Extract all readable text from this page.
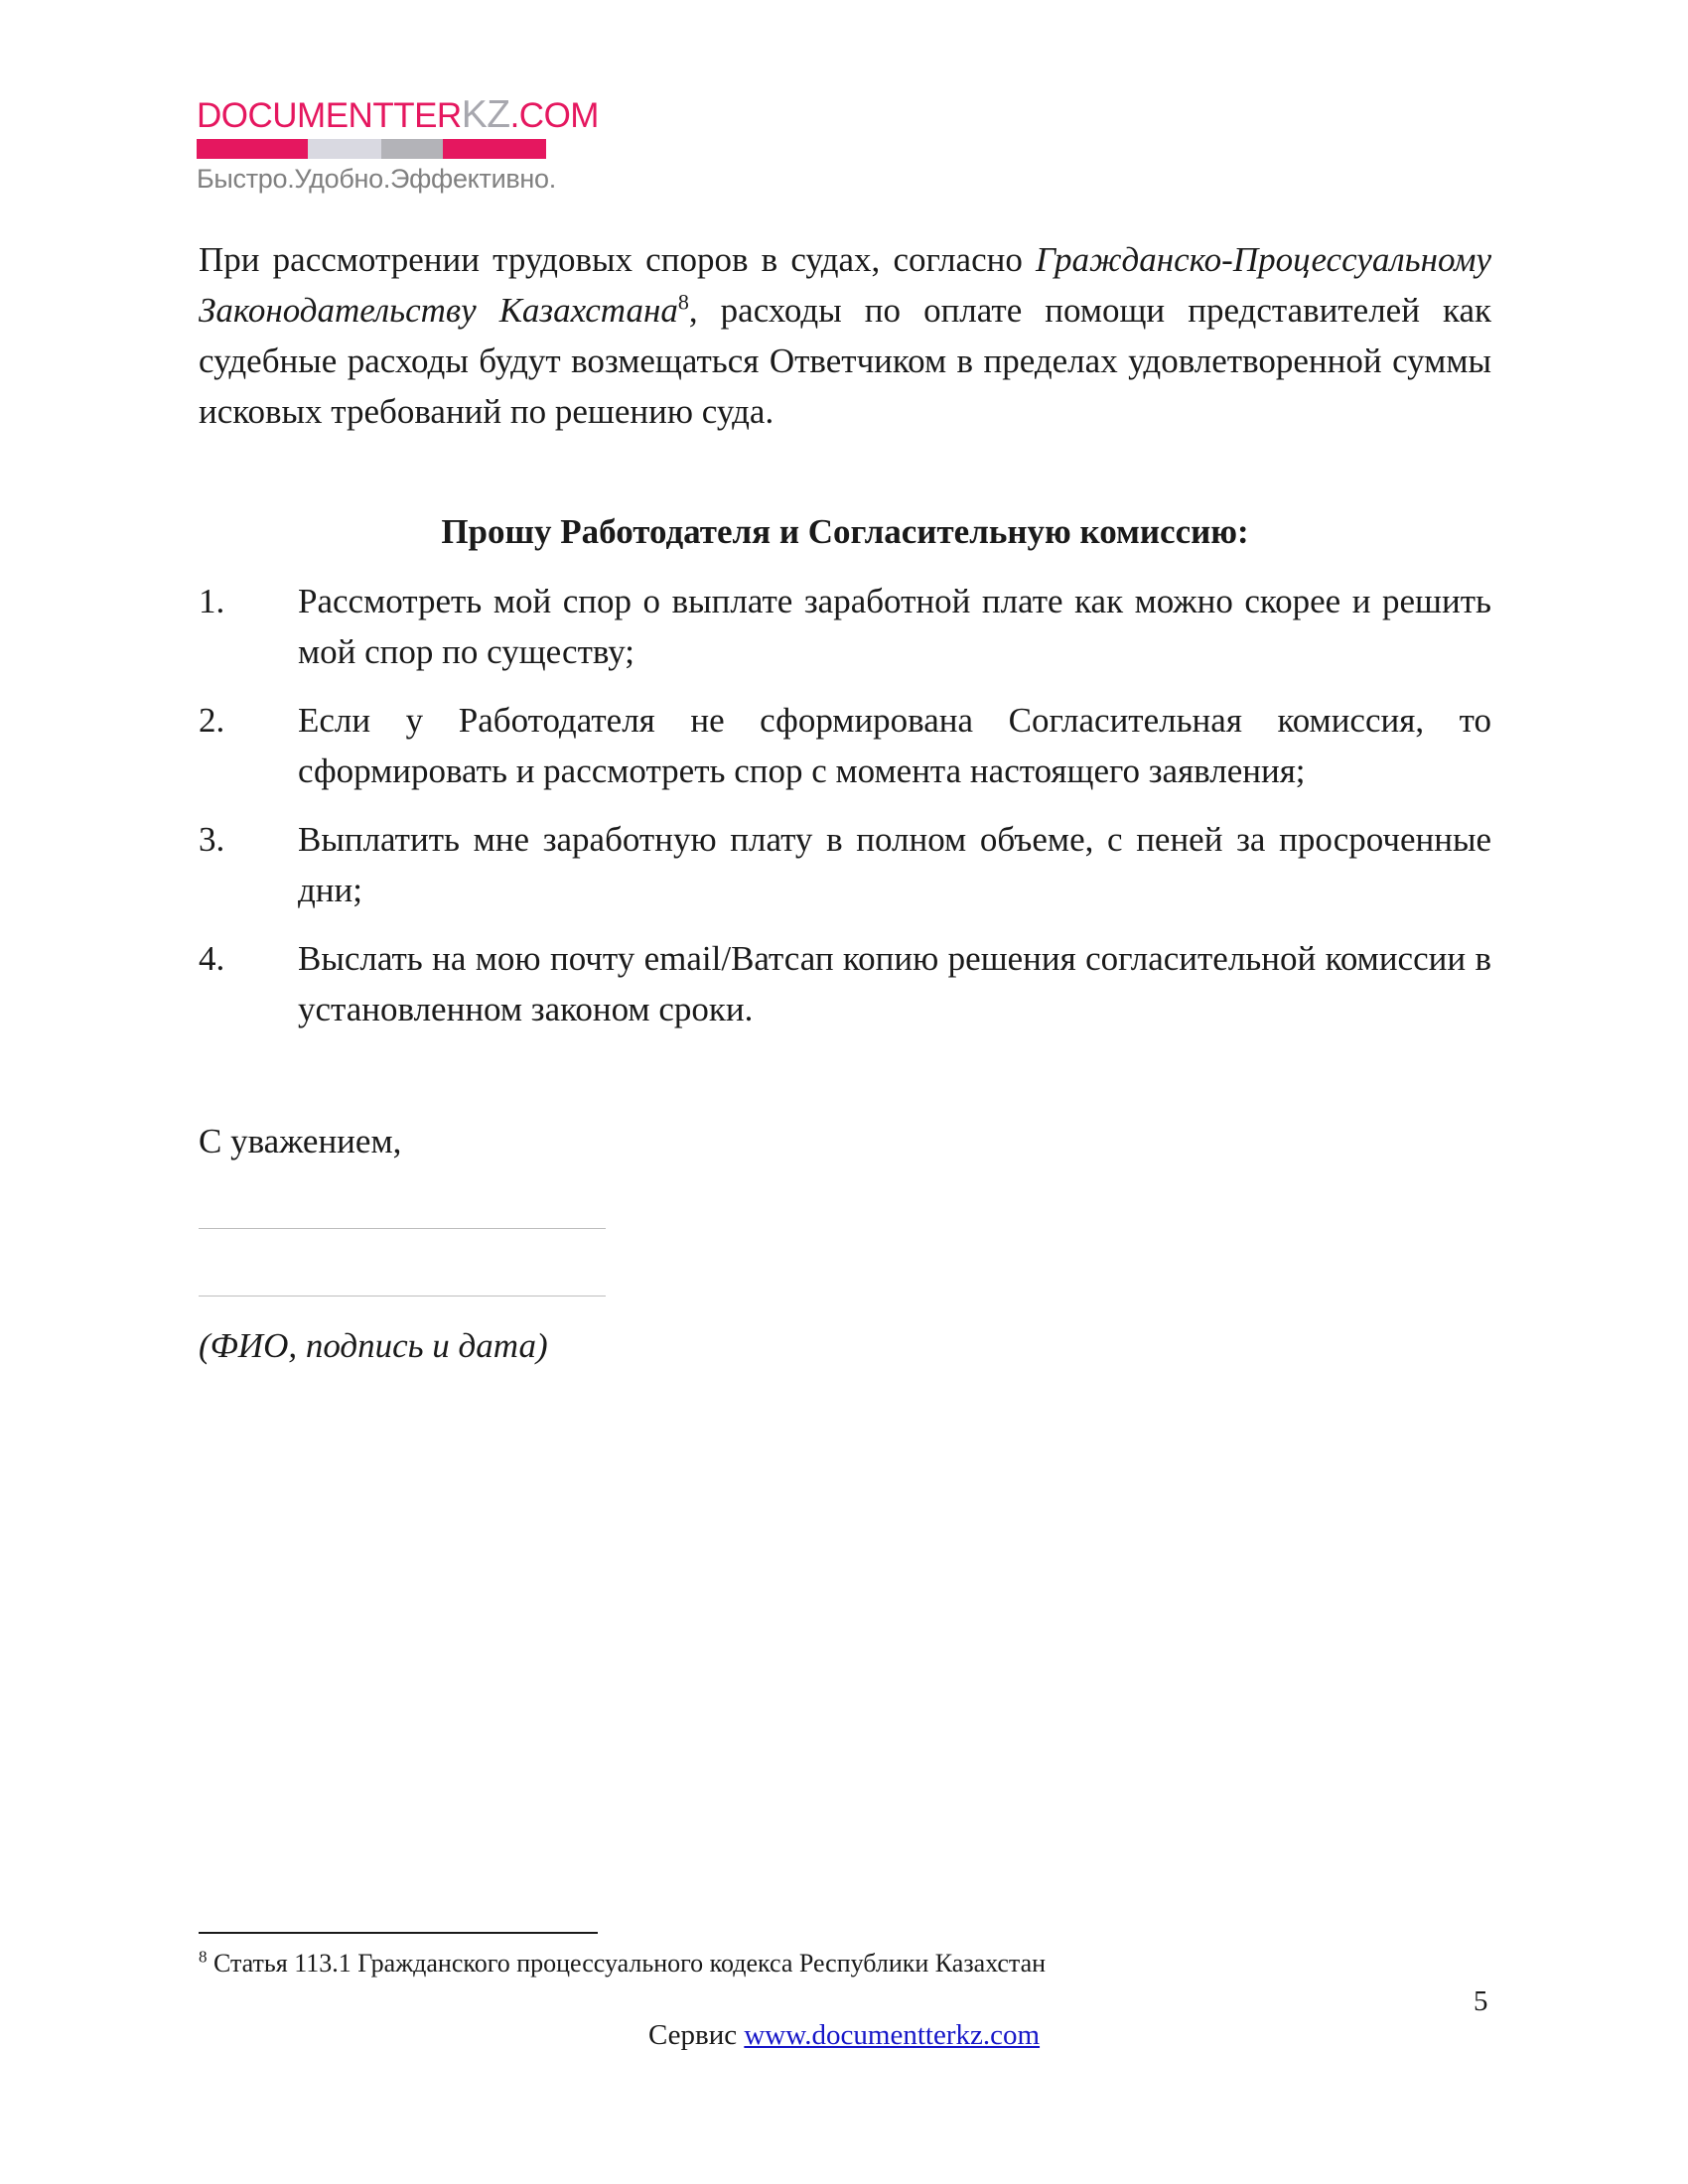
DOCUMENTTERKZ.COM
Быстро.Удобно.Эффективно.

При рассмотрении трудовых споров в судах, согласно Гражданско-Процессуальному Законодательству Казахстана$^8$, расходы по оплате помощи представителей как судебные расходы будут возмещаться Ответчиком в пределах удовлетворенной суммы исковых требований по решению суда.

Прошу Работодателя и Согласительную комиссию:
1. Рассмотреть мой спор о выплате заработной плате как можно скорее и решить мой спор по существу;
2. Если у Работодателя не сформирована Согласительная комиссия, то сформировать и рассмотреть спор с момента настоящего заявления;
3. Выплатить мне заработную плату в полном объеме, с пеней за просроченные дни;
4. Выслать на мою почту email/Ватсап копию решения согласительной комиссии в установленном законом сроки.
С уважением,
(ФИО, подпись и дата)
$^8$ Статья 113.1 Гражданского процессуального кодекса Республики Казахстан
5
Сервис www.documentterkz.com
